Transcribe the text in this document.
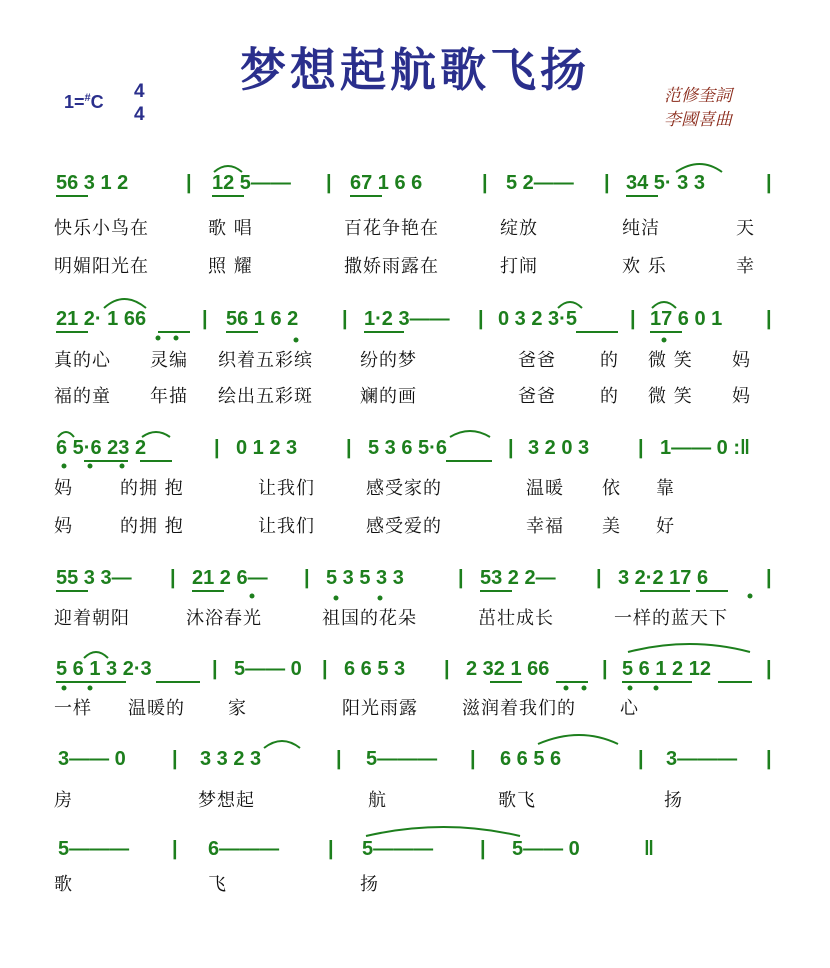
梦想起航歌飞扬
1=#C 4
4
范修奎詞
李國喜曲
56 3 1 2	| 12 5—— | 67 1 6 6	| 5 2—— | 34 5· 3 3	|
快乐小鸟在	歌 唱	百花争艳在	绽放	纯洁	天
明媚阳光在	照 耀	撒娇雨露在	打闹	欢 乐	幸
21 2· 1 66	| 56 1 6 2 | 1·2 3—— | 0 3 2 3·5	| 17 6 0 1 |
真的心 灵编 织着五彩缤	纷的梦	爸爸 的 微 笑 妈
福的童 年描 绘出五彩斑	斓的画	爸爸 的 微 笑 妈
6 5·6 23 2	| 0 1 2 3 | 5 3 6 5·6	| 3 2 0 3 | 1—— 0 :‖
妈	的拥 抱	让我们	感受家的	温暖 依 靠
妈	的拥 抱	让我们	感受爱的	幸福 美 好
55 3 3— | 21 2 6— | 5 3 5 3 3	| 53 2 2— | 3 2·2 17 6	|
迎着朝阳	沐浴春光	祖国的花朵	茁壮成长	一样的蓝天下
5 6 1 3 2·3	| 5—— 0 | 6 6 5 3 | 2 32 1 66	| 5 6 1 2 12	|
一样 温暖的 家	阳光雨露 滋润着我们的 心
3—— 0 | 3 3 2 3	| 5——— | 6 6 5 6	| 3——— |
房	梦想起	航	歌飞	扬
5——— | 6——— | 5——— | 5—— 0	‖
歌	飞	扬
